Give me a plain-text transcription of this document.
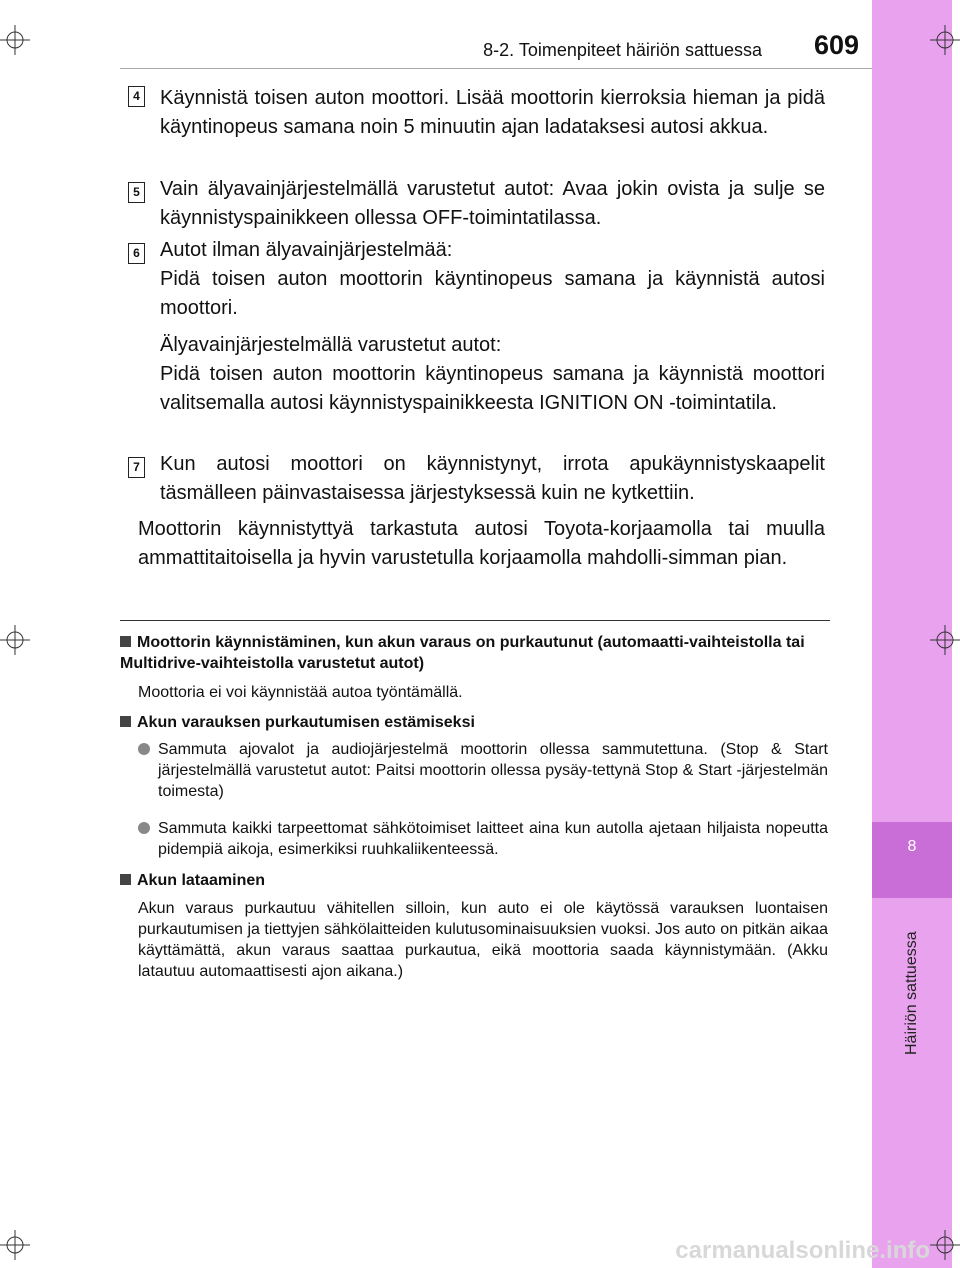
8
Häiriön sattuessa
8-2. Toimenpiteet häiriön sattuessa 609
4 Käynnistä toisen auton moottori. Lisää moottorin kierroksia hieman ja pidä käyntinopeus samana noin 5 minuutin ajan ladataksesi autosi akkua.

5 Vain älyavainjärjestelmällä varustetut autot: Avaa jokin ovista ja sulje se käynnistyspainikkeen ollessa OFF-toimintatilassa.

6 Autot ilman älyavainjärjestelmää:

Pidä toisen auton moottorin käyntinopeus samana ja käynnistä autosi moottori.

Älyavainjärjestelmällä varustetut autot:

Pidä toisen auton moottorin käyntinopeus samana ja käynnistä moottori valitsemalla autosi käynnistyspainikkeesta IGNITION ON -toimintatila.

7 Kun autosi moottori on käynnistynyt, irrota apukäynnistyskaapelit täsmälleen päinvastaisessa järjestyksessä kuin ne kytkettiin.

Moottorin käynnistyttyä tarkastuta autosi Toyota-korjaamolla tai muulla ammattitaitoisella ja hyvin varustetulla korjaamolla mahdolli-simman pian.
Moottorin käynnistäminen, kun akun varaus on purkautunut (automaatti-vaihteistolla tai Multidrive-vaihteistolla varustetut autot)
Moottoria ei voi käynnistää autoa työntämällä.
Akun varauksen purkautumisen estämiseksi
Sammuta ajovalot ja audiojärjestelmä moottorin ollessa sammutettuna. (Stop & Start järjestelmällä varustetut autot: Paitsi moottorin ollessa pysäy-tettynä Stop & Start -järjestelmän toimesta)
Sammuta kaikki tarpeettomat sähkötoimiset laitteet aina kun autolla ajetaan hiljaista nopeutta pidempiä aikoja, esimerkiksi ruuhkaliikenteessä.
Akun lataaminen
Akun varaus purkautuu vähitellen silloin, kun auto ei ole käytössä varauksen luontaisen purkautumisen ja tiettyjen sähkölaitteiden kulutusominaisuuksien vuoksi. Jos auto on pitkän aikaa käyttämättä, akun varaus saattaa purkautua, eikä moottoria saada käynnistymään. (Akku latautuu automaattisesti ajon aikana.)
carmanualsonline.info
